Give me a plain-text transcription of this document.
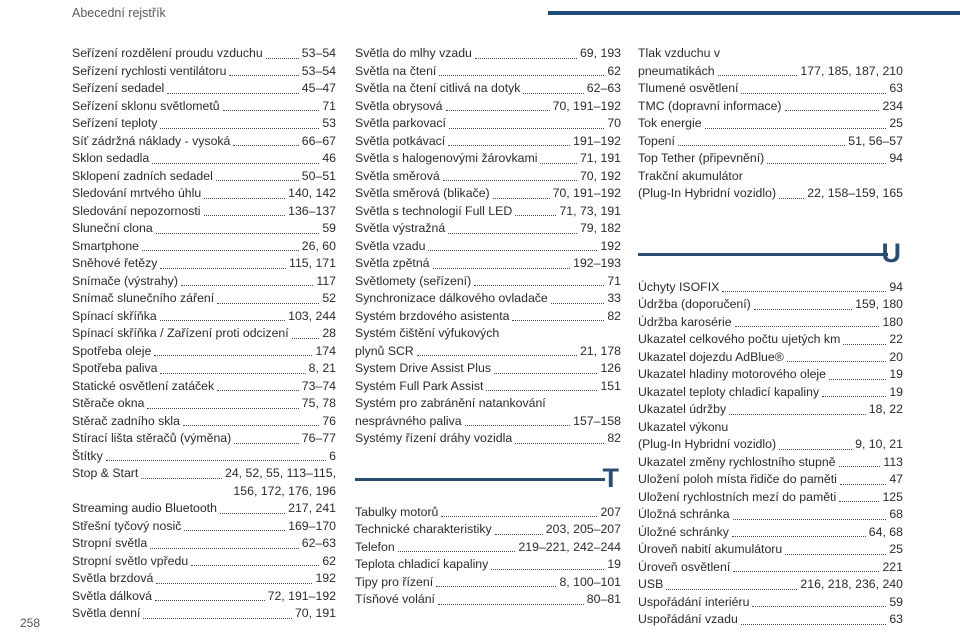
Abecední rejstřík
Seřízení rozdělení proudu vzduchu	53–54
Seřízení rychlosti ventilátoru	53–54
Seřízení sedadel	45–47
Seřízení sklonu světlometů	71
Seřízení teploty	53
Síť zádržná náklady - vysoká	66–67
Sklon sedadla	46
Sklopení zadních sedadel	50–51
Sledování mrtvého úhlu	140, 142
Sledování nepozornosti	136–137
Sluneční clona	59
Smartphone	26, 60
Sněhové řetězy	115, 171
Snímače (výstrahy)	117
Snímač slunečního záření	52
Spínací skříňka	103, 244
Spínací skříňka / Zařízení proti odcizení	28
Spotřeba oleje	174
Spotřeba paliva	8, 21
Statické osvětlení zatáček	73–74
Stěrače okna	75, 78
Stěrač zadního skla	76
Stírací lišta stěračů (výměna)	76–77
Štítky	6
Stop & Start	24, 52, 55, 113–115,
156, 172, 176, 196
Streaming audio Bluetooth	217, 241
Střešní tyčový nosič	169–170
Stropní světla	62–63
Stropní světlo vpředu	62
Světla brzdová	192
Světla dálková	72, 191–192
Světla denní	70, 191
Světla do mlhy vzadu	69, 193
Světla na čtení	62
Světla na čtení citlivá na dotyk	62–63
Světla obrysová	70, 191–192
Světla parkovací	70
Světla potkávací	191–192
Světla s halogenovými žárovkami	71, 191
Světla směrová	70, 192
Světla směrová (blikače)	70, 191–192
Světla s technologií Full LED	71, 73, 191
Světla výstražná	79, 182
Světla vzadu	192
Světla zpětná	192–193
Světlomety (seřízení)	71
Synchronizace dálkového ovladače	33
Systém brzdového asistenta	82
Systém čištění výfukových
plynů SCR	21, 178
System Drive Assist Plus	126
Systém Full Park Assist	151
Systém pro zabránění natankování
nesprávného paliva	157–158
Systémy řízení dráhy vozidla	82
T
Tabulky motorů	207
Technické charakteristiky	203, 205–207
Telefon	219–221, 242–244
Teplota chladicí kapaliny	19
Tipy pro řízení	8, 100–101
Tísňové volání	80–81
Tlak vzduchu v
pneumatikách	177, 185, 187, 210
Tlumené osvětlení	63
TMC (dopravní informace)	234
Tok energie	25
Topení	51, 56–57
Top Tether (připevnění)	94
Trakční akumulátor
(Plug-In Hybridní vozidlo)	22, 158–159, 165
U
Úchyty ISOFIX	94
Údržba (doporučení)	159, 180
Údržba karosérie	180
Ukazatel celkového počtu ujetých km	22
Ukazatel dojezdu AdBlue®	20
Ukazatel hladiny motorového oleje	19
Ukazatel teploty chladicí kapaliny	19
Ukazatel údržby	18, 22
Ukazatel výkonu
(Plug-In Hybridní vozidlo)	9, 10, 21
Ukazatel změny rychlostního stupně	113
Uložení poloh místa řidiče do paměti	47
Uložení rychlostních mezí do paměti	125
Úložná schránka	68
Úložné schránky	64, 68
Úroveň nabití akumulátoru	25
Úroveň osvětlení	221
USB	216, 218, 236, 240
Uspořádání interiéru	59
Uspořádání vzadu	63
258
